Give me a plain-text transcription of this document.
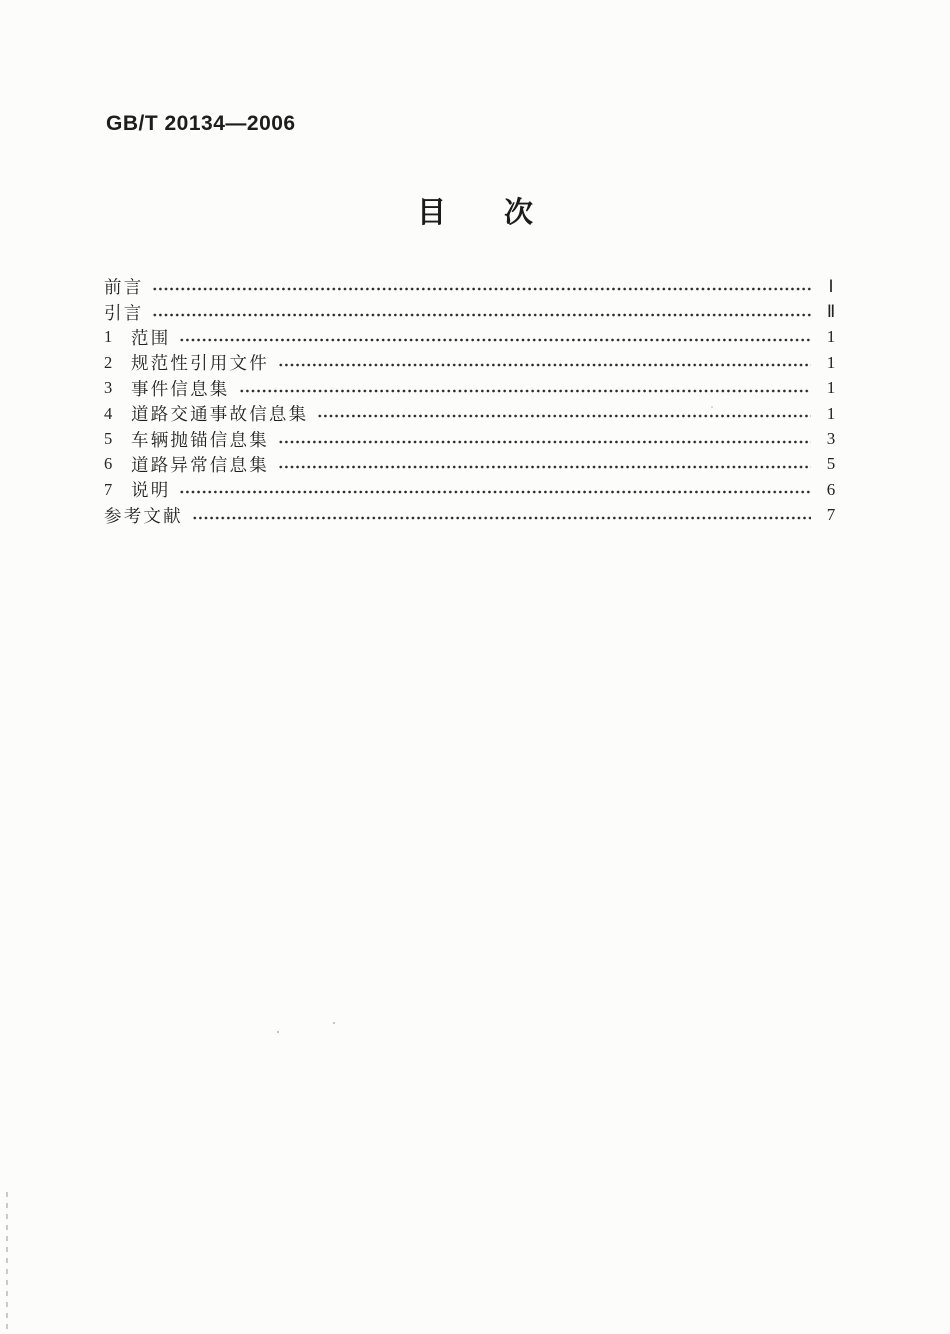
GB/T 20134—2006
目　　次
前言	Ⅰ
引言	Ⅱ
1 范围	1
2 规范性引用文件	1
3 事件信息集	1
4 道路交通事故信息集	1
5 车辆抛锚信息集	3
6 道路异常信息集	5
7 说明	6
参考文献	7
